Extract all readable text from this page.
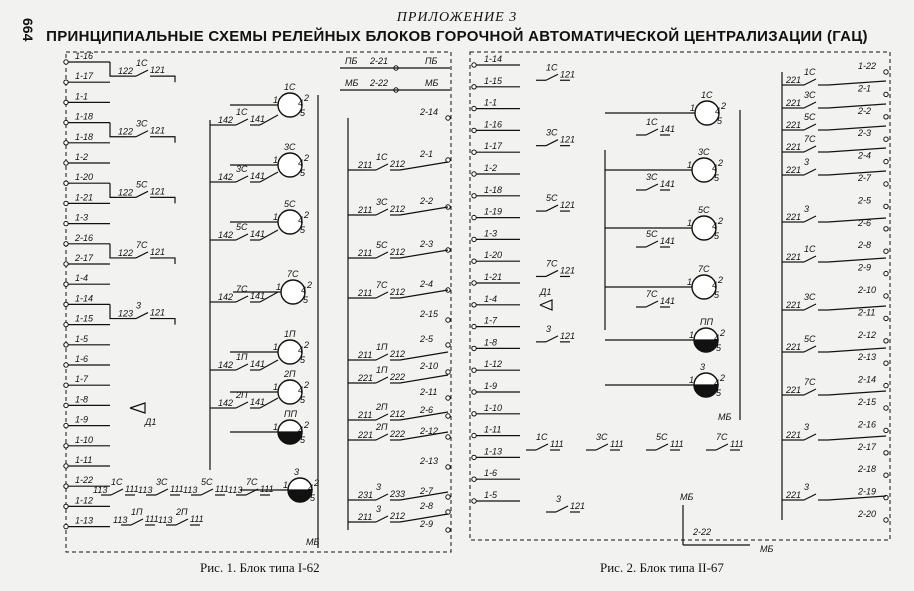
664
ПРИЛОЖЕНИЕ 3
ПРИНЦИПИАЛЬНЫЕ СХЕМЫ РЕЛЕЙНЫХ БЛОКОВ ГОРОЧНОЙ АВТОМАТИЧЕСКОЙ ЦЕНТРАЛИЗАЦИИ (ГАЦ)
1-16
1-17
1-1
1-18
1-18
1-2
1-20
1-21
1-3
2-16
2-17
1-4
1-14
1-15
1-5
1-6
1-7
1-8
1-9
1-10
1-11
1-22
1-12
1-13
1С
122 121
3С
122 121
5С
122 121
7С
122 121
3
123 121
1С
1	2
5
4
3С
1	2
5
4
5С
1	2
5
4
7С
1	2
5
4
1П
1	2
5
4
2П
1	2
5
4
ПП
1	2
5
4
3
1	2
5
4
1С
142 141
3С
142 141
5С
142 141
7С
142 141
1П
142 141
2П
142 141
МБ
Д1
1С
113 111
3С
113 111
5С
113 111
7С
113 111
1П
113 111
2П
113 111
ПБ 2-21	ПБ
МБ 2-22	МБ
2-14
2-1
2-2
2-3
2-4
2-15
2-5
2-10
2-11
2-6
2-12
2-13
2-7
2-8
2-9
1С
211 212
3С
211 212
5С
211 212
7С
211 212
1П
211 212
1П
221 222
2П
211 212
2П
221 222
3
231 233
3
211 212
1-14
1-15
1-1
1-16
1-17
1-2
1-18
1-19
1-3
1-20
1-21
1-4
1-7
1-8
1-12
1-9
1-10
1-11
1-13
1-6
1-5
1С
1	2
5
4
3С
1	2
5
4
5С
1	2
5
4
7С
1	2
5
4
ПП
1	2
5
4
3
1	2
5
4
МБ
1С
121
3С
121
5С
121
7С
121
3
121
1С
141
3С
141
5С
141
7С
141
Д1
1С
111
3С
111
5С
111
7С
111
3
121
1-22
2-1
2-2
2-3
2-4
2-7
2-5
2-6
2-8
2-9
2-10
2-11
2-12
2-13
2-14
2-15
2-16
2-17
2-18
2-19
2-20
1С
221
3С
221
5С
221
7С
221
3
221
3
221
1С
221
3С
221
5С
221
7С
221
3
221
3
221
2-22
МБ
МБ
Рис. 1. Блок типа I-62	Рис. 2. Блок типа II-67
